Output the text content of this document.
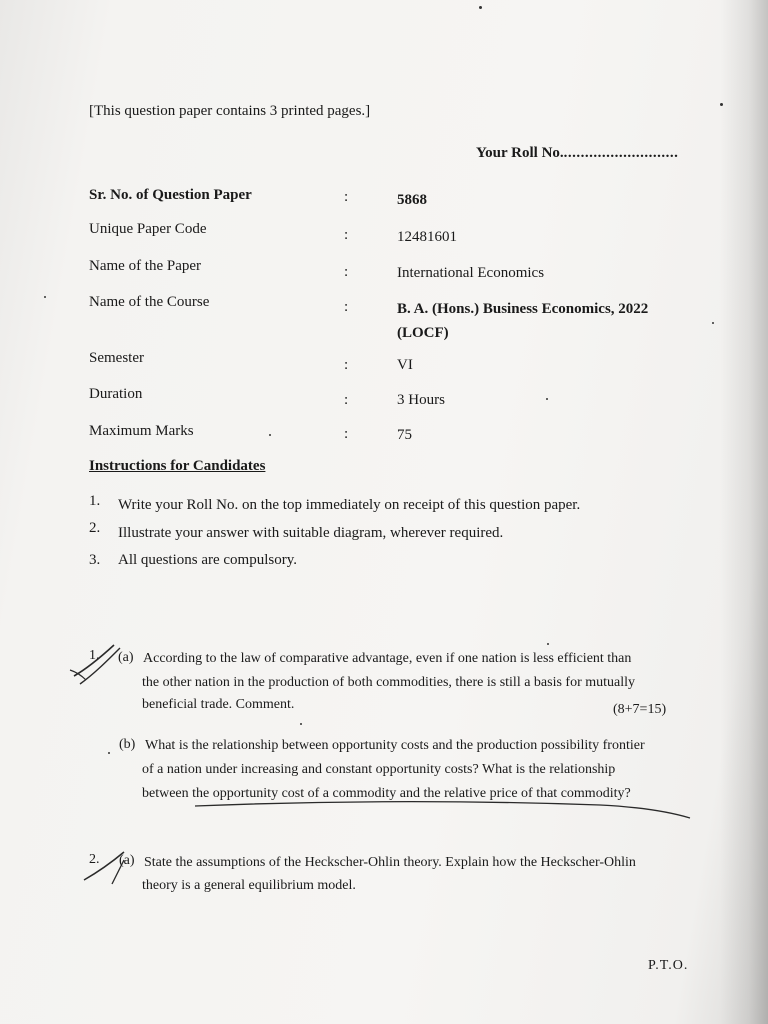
[This question paper contains 3 printed pages.]
Your Roll No............................
Sr. No. of Question Paper	:	5868
Unique Paper Code	:	12481601
Name of the Paper	:	International Economics
Name of the Course	:	B. A. (Hons.) Business Economics, 2022
(LOCF)
Semester	:	VI
Duration	:	3 Hours
Maximum Marks	:	75
Instructions for Candidates
1. Write your Roll No. on the top immediately on receipt of this question paper.
2. Illustrate your answer with suitable diagram, wherever required.
3. All questions are compulsory.
1. (a) According to the law of comparative advantage, even if one nation is less efficient than
the other nation in the production of both commodities, there is still a basis for mutually
beneficial trade. Comment.	(8+7=15)
(b) What is the relationship between opportunity costs and the production possibility frontier
of a nation under increasing and constant opportunity costs? What is the relationship
between the opportunity cost of a commodity and the relative price of that commodity?
2. (a) State the assumptions of the Heckscher-Ohlin theory. Explain how the Heckscher-Ohlin
theory is a general equilibrium model.
P.T.O.
